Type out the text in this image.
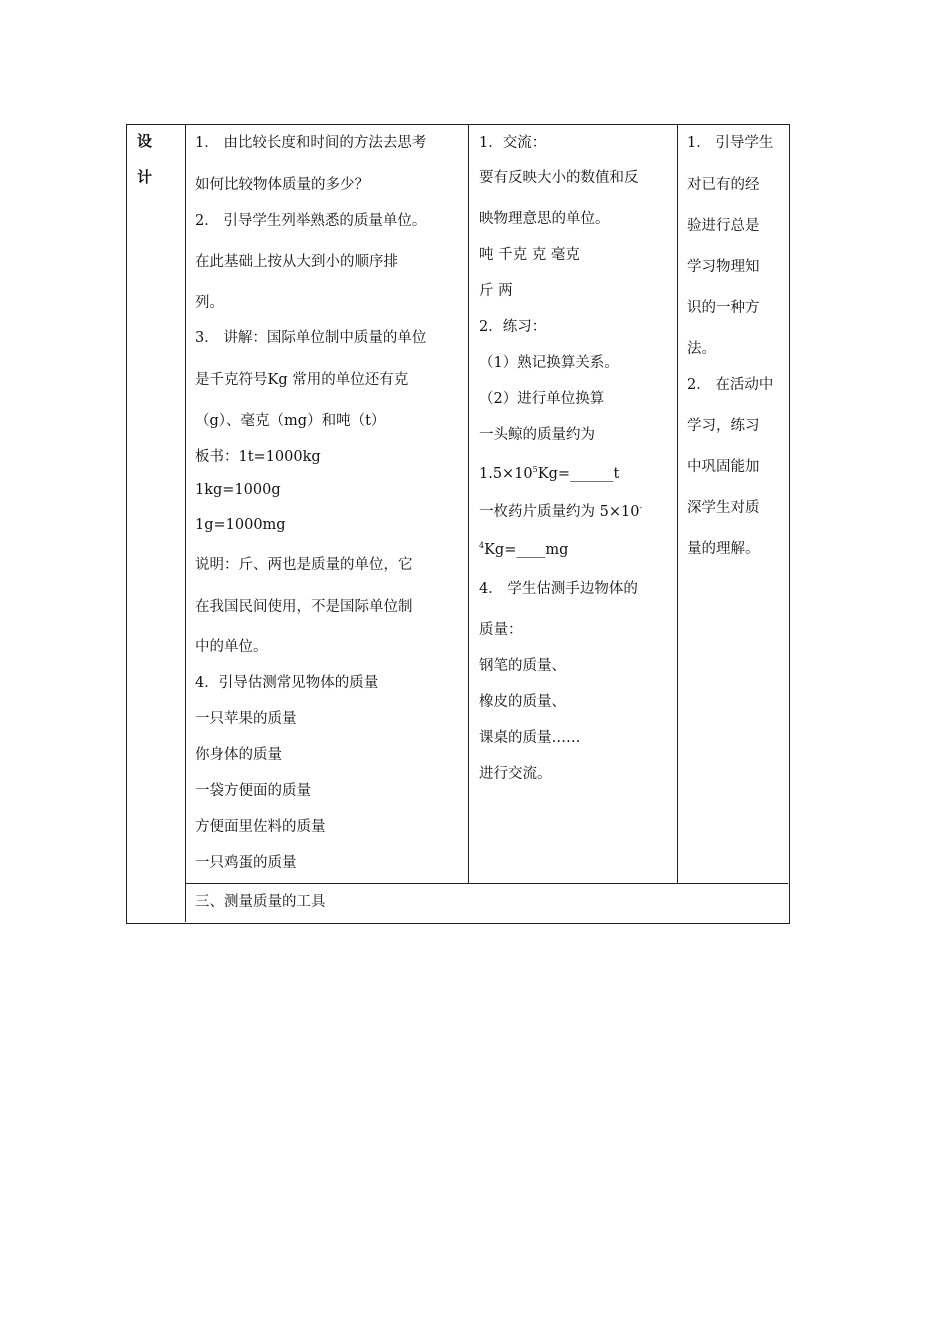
设
计
1． 由比较长度和时间的方法去思考
如何比较物体质量的多少？
2． 引导学生列举熟悉的质量单位。
在此基础上按从大到小的顺序排
列。
3． 讲解：国际单位制中质量的单位
是千克符号Kg 常用的单位还有克
（g）、毫克（mg）和吨（t）
板书：1t=1000kg
1kg=1000g
1g=1000mg
说明：斤、两也是质量的单位，它
在我国民间使用，不是国际单位制
中的单位。
4．引导估测常见物体的质量
一只苹果的质量
你身体的质量
一袋方便面的质量
方便面里佐料的质量
一只鸡蛋的质量
1．交流：
要有反映大小的数值和反
映物理意思的单位。
吨 千克 克 毫克
斤 两
2．练习：
（1）熟记换算关系。
（2）进行单位换算
一头鲸的质量约为
$1.5\times 10^5Kg=\_\_\_\_\_\_t$
一枚药片质量约为 5×10-
$^4$Kg=____mg
4． 学生估测手边物体的
质量：
钢笔的质量、
橡皮的质量、
课桌的质量……
进行交流。
1． 引导学生
对已有的经
验进行总是
学习物理知
识的一种方
法。
2． 在活动中
学习，练习
中巩固能加
深学生对质
量的理解。
三、测量质量的工具
